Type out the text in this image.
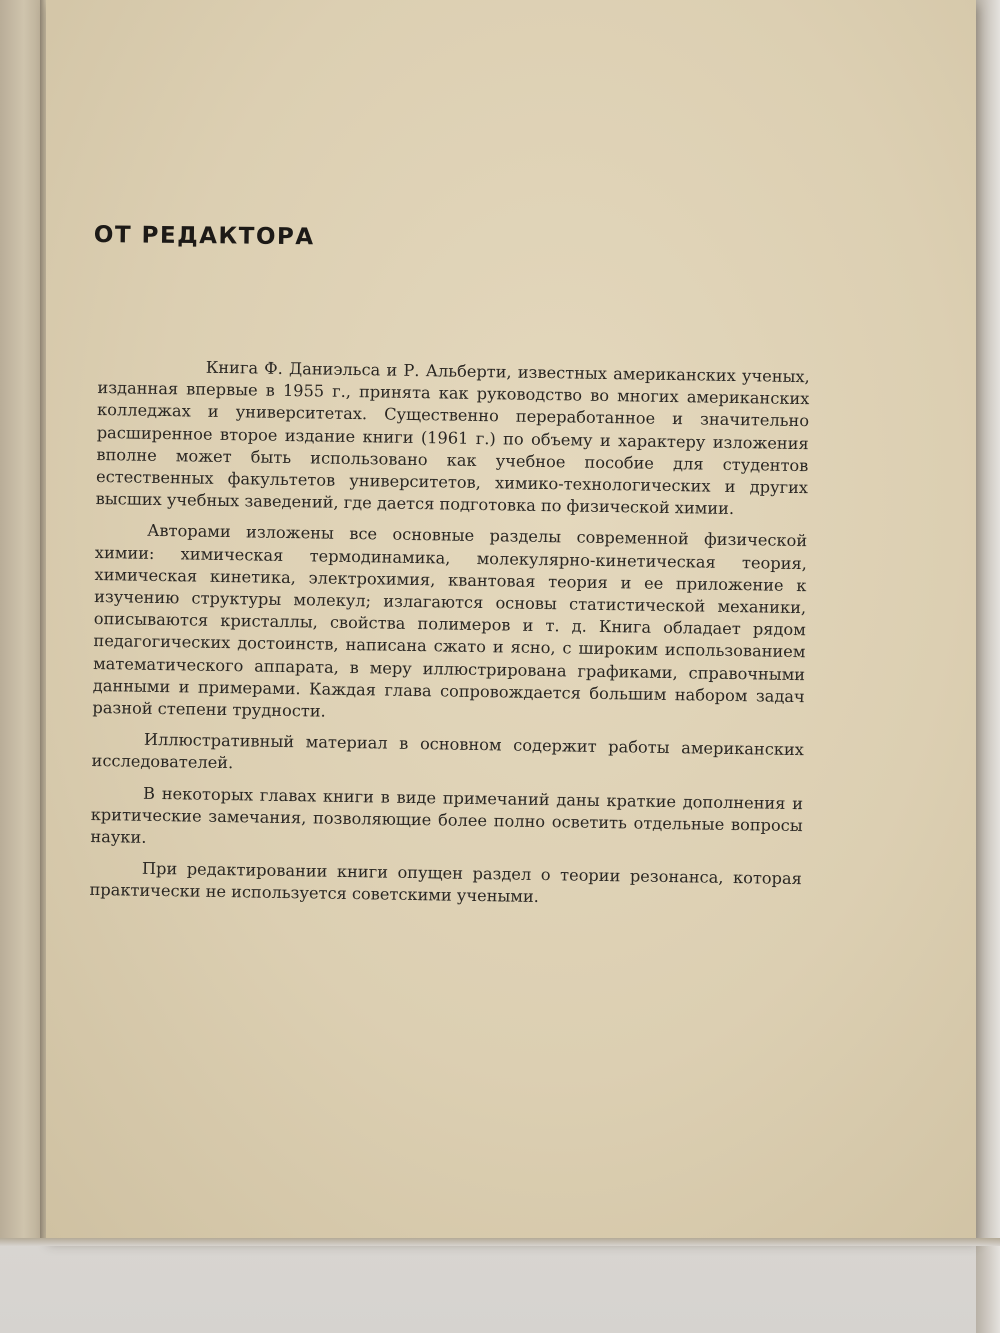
ОТ РЕДАКТОРА

Книга Ф. Даниэльса и Р. Альберти, известных американских ученых, изданная впервые в 1955 г., принята как руководство во многих американских колледжах и университетах. Существенно переработанное и значительно расширенное второе издание книги (1961 г.) по объему и характеру изложения вполне может быть использовано как учебное пособие для студентов естественных факультетов университетов, химико-технологических и других высших учебных заведений, где дается подготовка по физической химии.

Авторами изложены все основные разделы современной физической химии: химическая термодинамика, молекулярно-кинетическая теория, химическая кинетика, электрохимия, квантовая теория и ее приложение к изучению структуры молекул; излагаются основы статистической механики, описываются кристаллы, свойства полимеров и т. д. Книга обладает рядом педагогических достоинств, написана сжато и ясно, с широким использованием математического аппарата, в меру иллюстрирована графиками, справочными данными и примерами. Каждая глава сопровождается большим набором задач разной степени трудности.

Иллюстративный материал в основном содержит работы американских исследователей.

В некоторых главах книги в виде примечаний даны краткие дополнения и критические замечания, позволяющие более полно осветить отдельные вопросы науки.

При редактировании книги опущен раздел о теории резонанса, которая практически не используется советскими учеными.
